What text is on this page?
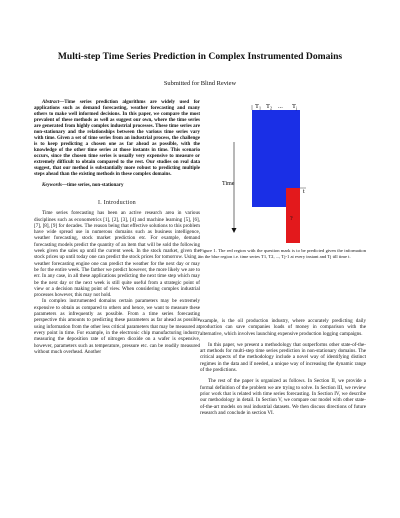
Multi-step Time Series Prediction in Complex Instrumented Domains
Submitted for Blind Review

Abstract—Time series prediction algorithms are widely used for applications such as demand forecasting, weather forecasting and many others to make well informed decisions. In this paper, we compare the most prevalent of these methods as well as suggest our own, where the time series are generated from highly complex industrial processes. These time series are non-stationary and the relationships between the various time series vary with time. Given a set of time series from an industrial process, the challenge is to keep predicting a chosen one as far ahead as possible, with the knowledge of the other time series at those instants in time. This scenario occurs, since the chosen time series is usually very expensive to measure or extremely difficult to obtain compared to the rest. Our studies on real data suggest, that our method is substantially more robust to predicting multiple steps ahead than the existing methods in these complex domains.

Keywords—time series, non-stationary

I. Introduction

Time series forecasting has been an active research area in various disciplines such as econometrics [1], [2], [3], [4] and machine learning [5], [6], [7], [8], [9] for decades. The reason being that effective solutions to this problem have wide spread use in numerous domains such as business intelligence, weather forecasting, stock market prediction etc. For example, demand forecasting models predict the quantity of an item that will be sold the following week given the sales up until the current week. In the stock market, given the stock prices up until today one can predict the stock prices for tomorrow. Using a weather forecasting engine one can predict the weather for the next day or may be for the entire week. The farther we predict however, the more likely we are to err. In any case, in all these applications predicting the next time step which may be the next day or the next week is still quite useful from a strategic point of view or a decision making point of view. When considering complex industrial processes however, this may not hold.

In complex instrumented domains certain parameters may be extremely expensive to obtain as compared to others and hence, we want to measure these parameters as infrequently as possible. From a time series forecasting perspective this amounts to predicting these parameters as far ahead as possible using information from the other less critical parameters that may be measured at every point in time. For example, in the electronic chip manufacturing industry measuring the deposition rate of nitrogen dioxide on a wafer is expensive, however, parameters such as temperature, pressure etc. can be readily measured without much overhead. Another

$T_1$ $T_2$ ... $T_j$
Time
t
?

Figure 1. The red region with the question mark is to be predicted given the information in the blue region i.e. time series T1, T2, ..., Tj-1 at every instant and Tj till time t.

example, is the oil production industry, where accurately predicting daily production can save companies loads of money in comparison with the alternative, which involves launching expensive production logging campaigns.

In this paper, we present a methodology that outperforms other state-of-the-art methods for multi-step time series prediction in non-stationary domains. The critical aspects of the methodology include a novel way of identifying distinct regimes in the data and if needed, a unique way of increasing the dynamic range of the predictions.

The rest of the paper is organized as follows. In Section II, we provide a formal definition of the problem we are trying to solve. In Section III, we review prior work that is related with time series forecasting. In Section IV, we describe our methodology in detail. In Section V, we compare our model with other state-of-the-art models on real industrial datasets. We then discuss directions of future research and conclude in section VI.
